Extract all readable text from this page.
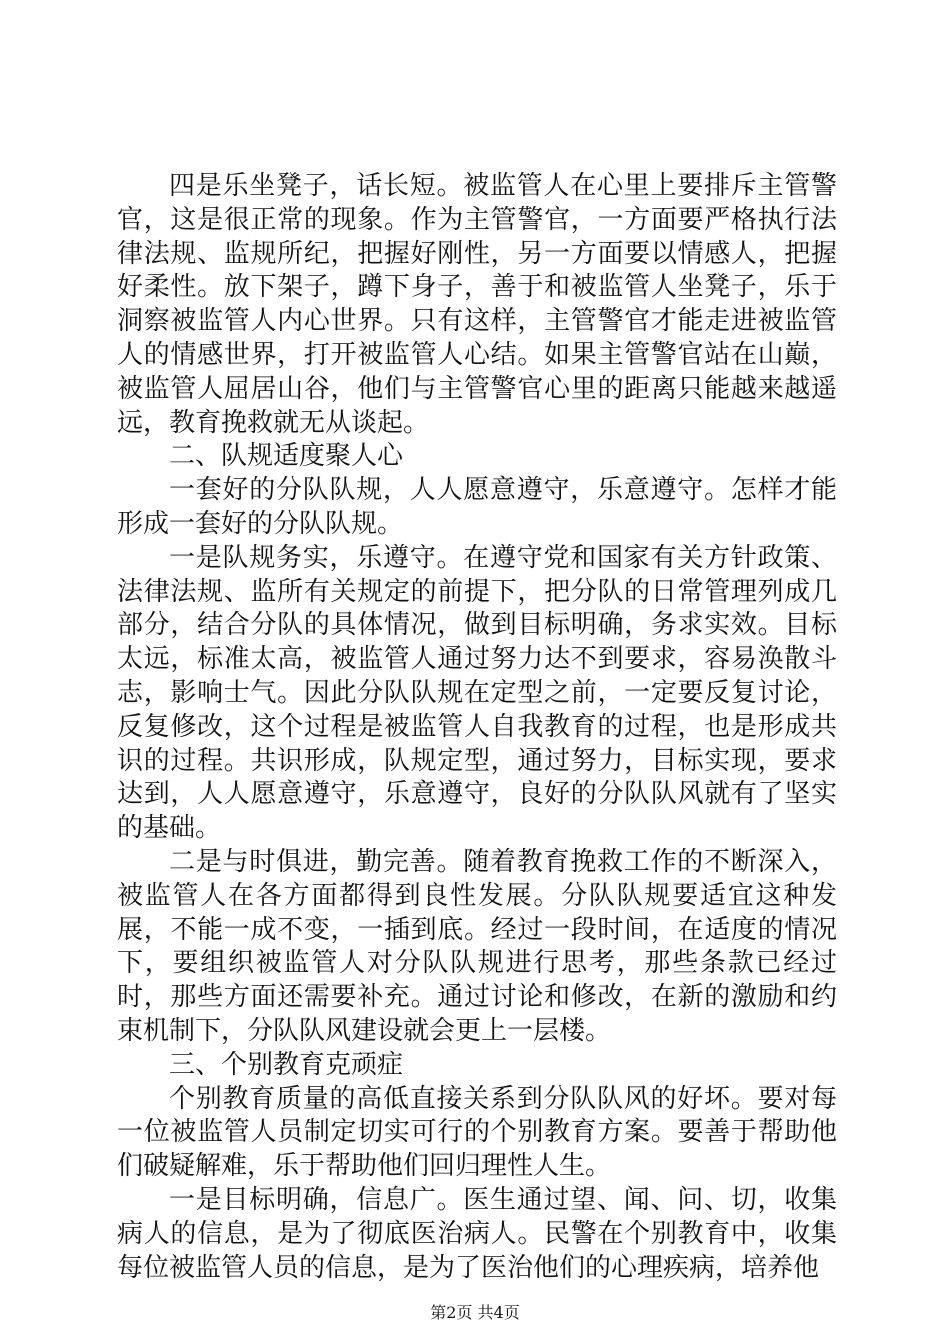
四是乐坐凳子，话长短。被监管人在心里上要排斥主管警官，这是很正常的现象。作为主管警官，一方面要严格执行法律法规、监规所纪，把握好刚性，另一方面要以情感人，把握好柔性。放下架子，蹲下身子，善于和被监管人坐凳子，乐于洞察被监管人内心世界。只有这样，主管警官才能走进被监管人的情感世界，打开被监管人心结。如果主管警官站在山巅，被监管人屈居山谷，他们与主管警官心里的距离只能越来越遥远，教育挽救就无从谈起。

二、队规适度聚人心

一套好的分队队规，人人愿意遵守，乐意遵守。怎样才能形成一套好的分队队规。

一是队规务实，乐遵守。在遵守党和国家有关方针政策、法律法规、监所有关规定的前提下，把分队的日常管理列成几部分，结合分队的具体情况，做到目标明确，务求实效。目标太远，标准太高，被监管人通过努力达不到要求，容易涣散斗志，影响士气。因此分队队规在定型之前，一定要反复讨论，反复修改，这个过程是被监管人自我教育的过程，也是形成共识的过程。共识形成，队规定型，通过努力，目标实现，要求达到，人人愿意遵守，乐意遵守，良好的分队队风就有了坚实的基础。

二是与时俱进，勤完善。随着教育挽救工作的不断深入，被监管人在各方面都得到良性发展。分队队规要适宜这种发展，不能一成不变，一插到底。经过一段时间，在适度的情况下，要组织被监管人对分队队规进行思考，那些条款已经过时，那些方面还需要补充。通过讨论和修改，在新的激励和约束机制下，分队队风建设就会更上一层楼。

三、个别教育克顽症

个别教育质量的高低直接关系到分队队风的好坏。要对每一位被监管人员制定切实可行的个别教育方案。要善于帮助他们破疑解难，乐于帮助他们回归理性人生。

一是目标明确，信息广。医生通过望、闻、问、切，收集病人的信息，是为了彻底医治病人。民警在个别教育中，收集每位被监管人员的信息，是为了医治他们的心理疾病，培养他

第2页 共4页
